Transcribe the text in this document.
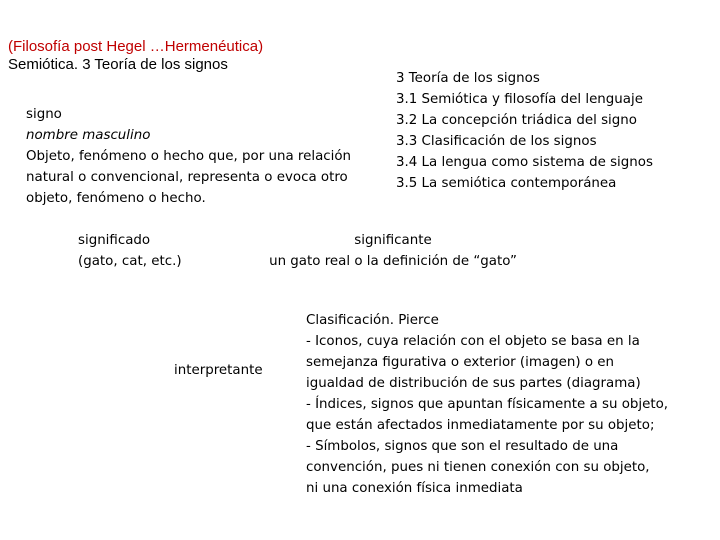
(Filosofía post Hegel …Hermenéutica)
Semiótica. 3 Teoría de los signos
3 Teoría de los signos
3.1 Semiótica y filosofía del lenguaje
3.2 La concepción triádica del signo
3.3 Clasificación de los signos
3.4 La lengua como sistema de signos
3.5 La semiótica contemporánea
signo
nombre masculino
Objeto, fenómeno o hecho que, por una relación
natural o convencional, representa o evoca otro
objeto, fenómeno o hecho.
significado
(gato, cat, etc.)
significante
un gato real o la definición de “gato”
interpretante
Clasificación. Pierce
- Iconos, cuya relación con el objeto se basa en la
semejanza figurativa o exterior (imagen) o en
igualdad de distribución de sus partes (diagrama)
- Índices, signos que apuntan físicamente a su objeto,
que están afectados inmediatamente por su objeto;
- Símbolos, signos que son el resultado de una
convención, pues ni tienen conexión con su objeto,
ni una conexión física inmediata
